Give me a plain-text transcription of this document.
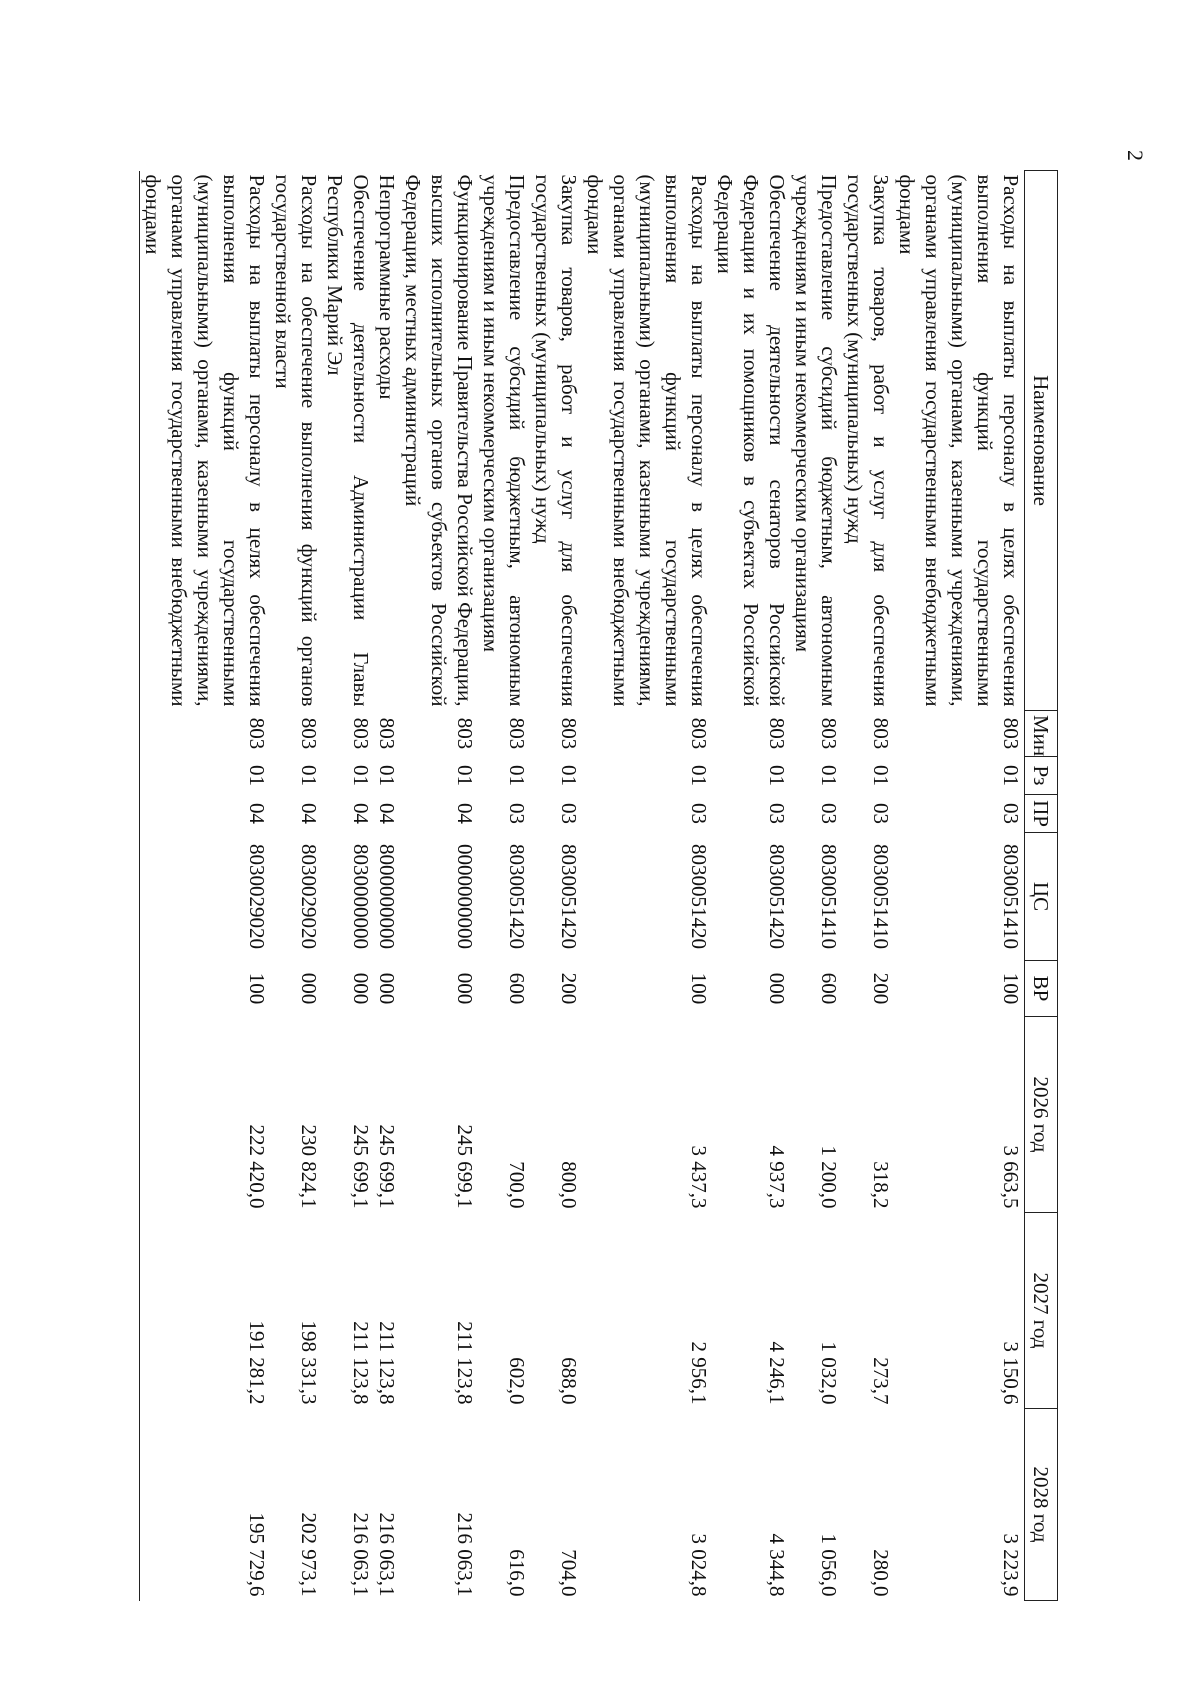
2
Наименование	Мин	Рз	ПР	ЦС	ВР	2026 год	2027 год	2028 год
Расходы на выплаты персоналу в целях обеспечения выполнения функций государственными (муниципальными) органами, казенными учреждениями, органами управления государственными внебюджетными фондами	803	01	03	8030051410	100	3 663,5	3 150,6	3 223,9
Закупка товаров, работ и услуг для обеспечения государственных (муниципальных) нужд	803	01	03	8030051410	200	318,2	273,7	280,0
Предоставление субсидий бюджетным, автономным учреждениям и иным некоммерческим организациям	803	01	03	8030051410	600	1 200,0	1 032,0	1 056,0
Обеспечение деятельности сенаторов Российской Федерации и их помощников в субъектах Российской Федерации	803	01	03	8030051420	000	4 937,3	4 246,1	4 344,8
Расходы на выплаты персоналу в целях обеспечения выполнения функций государственными (муниципальными) органами, казенными учреждениями, органами управления государственными внебюджетными фондами	803	01	03	8030051420	100	3 437,3	2 956,1	3 024,8
Закупка товаров, работ и услуг для обеспечения государственных (муниципальных) нужд	803	01	03	8030051420	200	800,0	688,0	704,0
Предоставление субсидий бюджетным, автономным учреждениям и иным некоммерческим организациям	803	01	03	8030051420	600	700,0	602,0	616,0
Функционирование Правительства Российской Федерации, высших исполнительных органов субъектов Российской Федерации, местных администраций	803	01	04	0000000000	000	245 699,1	211 123,8	216 063,1
Непрограммные расходы	803	01	04	8000000000	000	245 699,1	211 123,8	216 063,1
Обеспечение деятельности Администрации Главы Республики Марий Эл	803	01	04	8030000000	000	245 699,1	211 123,8	216 063,1
Расходы на обеспечение выполнения функций органов государственной власти	803	01	04	8030029020	000	230 824,1	198 331,3	202 973,1
Расходы на выплаты персоналу в целях обеспечения выполнения функций государственными (муниципальными) органами, казенными учреждениями, органами управления государственными внебюджетными фондами	803	01	04	8030029020	100	222 420,0	191 281,2	195 729,6
